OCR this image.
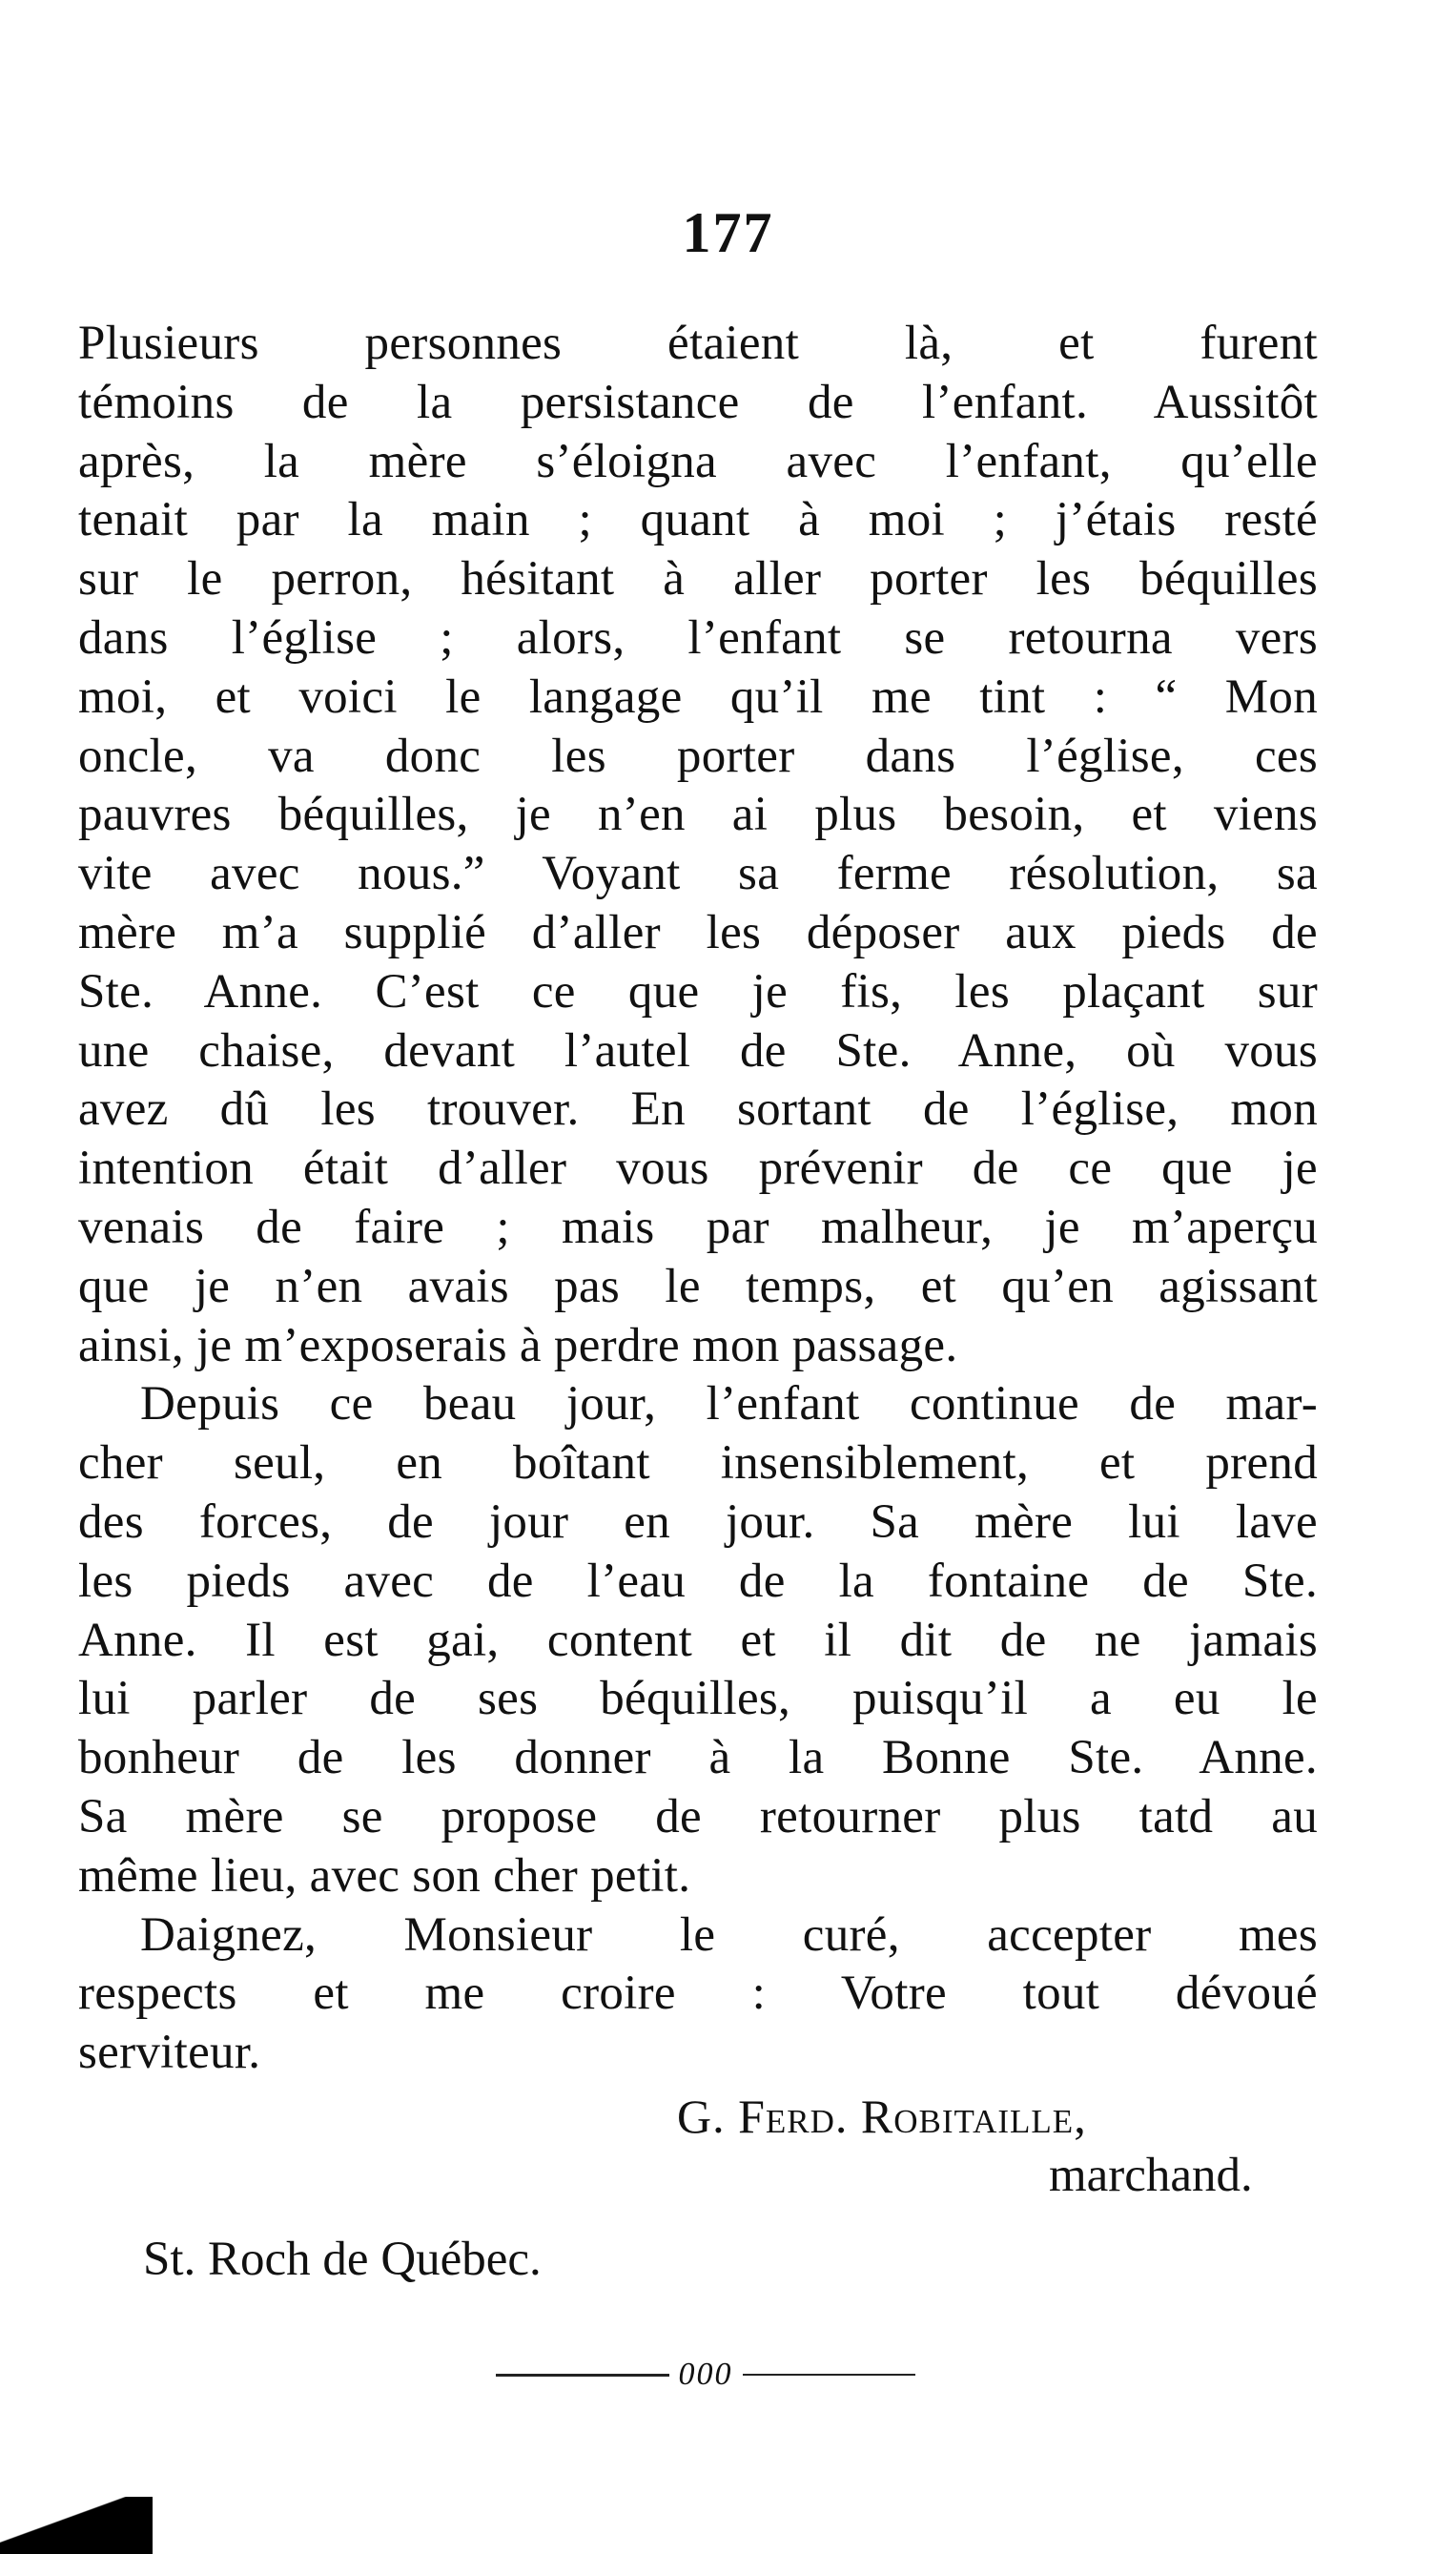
177

Plusieurs personnes étaient là, et furent

témoins de la persistance de l’enfant. Aussitôt

après, la mère s’éloigna avec l’enfant, qu’elle

tenait par la main ; quant à moi ; j’étais resté

sur le perron, hésitant à aller porter les béquilles

dans l’église ; alors, l’enfant se retourna vers

moi, et voici le langage qu’il me tint : “ Mon

oncle, va donc les porter dans l’église, ces

pauvres béquilles, je n’en ai plus besoin, et viens

vite avec nous.” Voyant sa ferme résolution, sa

mère m’a supplié d’aller les déposer aux pieds de

Ste. Anne. C’est ce que je fis, les plaçant sur

une chaise, devant l’autel de Ste. Anne, où vous

avez dû les trouver. En sortant de l’église, mon

intention était d’aller vous prévenir de ce que je

venais de faire ; mais par malheur, je m’aperçu

que je n’en avais pas le temps, et qu’en agissant

ainsi, je m’exposerais à perdre mon passage.

Depuis ce beau jour, l’enfant continue de mar-

cher seul, en boîtant insensiblement, et prend

des forces, de jour en jour. Sa mère lui lave

les pieds avec de l’eau de la fontaine de Ste.

Anne. Il est gai, content et il dit de ne jamais

lui parler de ses béquilles, puisqu’il a eu le

bonheur de les donner à la Bonne Ste. Anne.

Sa mère se propose de retourner plus tatd au

même lieu, avec son cher petit.

Daignez, Monsieur le curé, accepter mes

respects et me croire : Votre tout dévoué

serviteur.

G. Ferd. Robitaille,
marchand.
St. Roch de Québec.
000
